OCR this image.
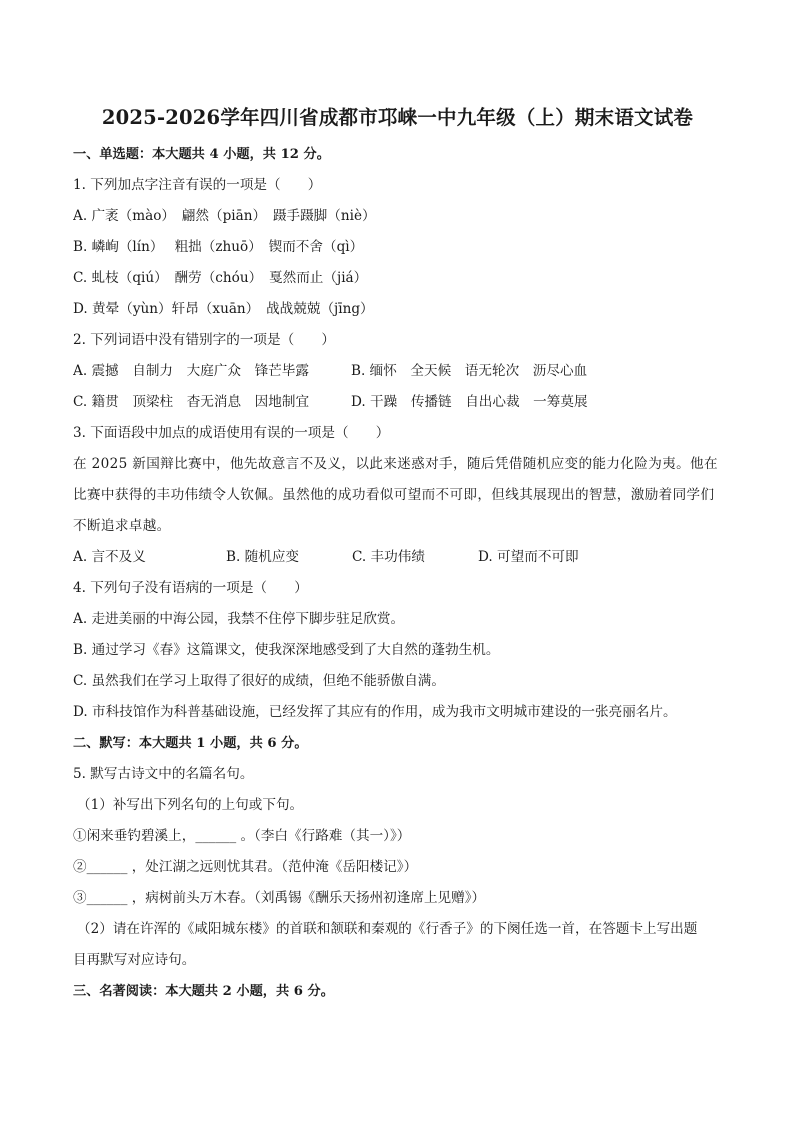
2025-2026学年四川省成都市邛崃一中九年级（上）期末语文试卷
一、单选题：本大题共 4 小题，共 12 分。
1. 下列加点字注音有误的一项是（　　）
A. 广袤（mào）　翩然（piān）　蹑手蹑脚（niè）
B. 嶙峋（lín）　 粗拙（zhuō）　锲而不舍（qì）
C. 虬枝（qiú）　酬劳（chóu）　戛然而止（jiá）
D. 黄晕（yùn）轩昂（xuān）　战战兢兢（jīng）
2. 下列词语中没有错别字的一项是（　　）
A. 震撼　自制力　大庭广众　锋芒毕露	B. 缅怀　全天候　语无轮次　沥尽心血
C. 籍贯　顶梁柱　杳无消息　因地制宜	D. 干躁　传播链　自出心裁　一筹莫展
3. 下面语段中加点的成语使用有误的一项是（　　）
在 2025 新国辩比赛中，他先故意言不及义，以此来迷惑对手，随后凭借随机应变的能力化险为夷。他在
比赛中获得的丰功伟绩令人钦佩。虽然他的成功看似可望而不可即，但线其展现出的智慧，激励着同学们
不断追求卓越。
A. 言不及义	B. 随机应变	C. 丰功伟绩	D. 可望而不可即
4. 下列句子没有语病的一项是（　　）
A. 走进美丽的中海公园，我禁不住停下脚步驻足欣赏。
B. 通过学习《春》这篇课文，使我深深地感受到了大自然的蓬勃生机。
C. 虽然我们在学习上取得了很好的成绩，但绝不能骄傲自满。
D. 市科技馆作为科普基础设施，已经发挥了其应有的作用，成为我市文明城市建设的一张亮丽名片。
二、默写：本大题共 1 小题，共 6 分。
5. 默写古诗文中的名篇名句。
（1）补写出下列名句的上句或下句。
①闲来垂钓碧溪上，______ 。（李白《行路难（其一）》）
②______ ，处江湖之远则忧其君。（范仲淹《岳阳楼记》）
③______ ，病树前头万木春。（刘禹锡《酬乐天扬州初逢席上见赠》）
（2）请在许浑的《咸阳城东楼》的首联和颔联和秦观的《行香子》的下阕任选一首，在答题卡上写出题
目再默写对应诗句。
三、名著阅读：本大题共 2 小题，共 6 分。
